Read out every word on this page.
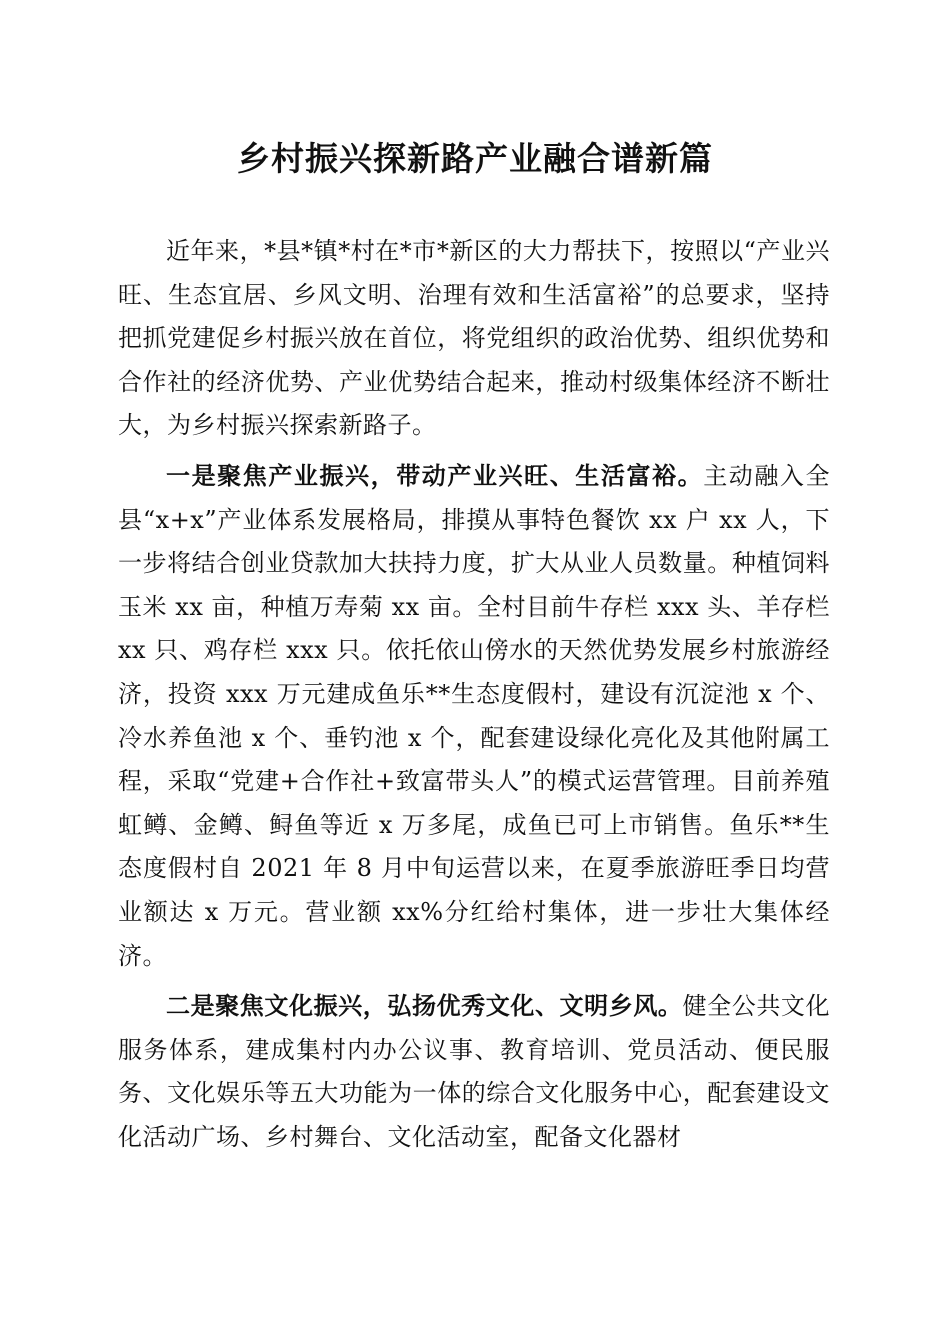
乡村振兴探新路产业融合谱新篇

近年来，*县*镇*村在*市*新区的大力帮扶下，按照以“产业兴旺、生态宜居、乡风文明、治理有效和生活富裕”的总要求，坚持把抓党建促乡村振兴放在首位，将党组织的政治优势、组织优势和合作社的经济优势、产业优势结合起来，推动村级集体经济不断壮大，为乡村振兴探索新路子。

一是聚焦产业振兴，带动产业兴旺、生活富裕。主动融入全县“x+x”产业体系发展格局，排摸从事特色餐饮 xx 户 xx 人，下一步将结合创业贷款加大扶持力度，扩大从业人员数量。种植饲料玉米 xx 亩，种植万寿菊 xx 亩。全村目前牛存栏 xxx 头、羊存栏 xx 只、鸡存栏 xxx 只。依托依山傍水的天然优势发展乡村旅游经济，投资 xxx 万元建成鱼乐**生态度假村，建设有沉淀池 x 个、冷水养鱼池 x 个、垂钓池 x 个，配套建设绿化亮化及其他附属工程，采取“党建+合作社+致富带头人”的模式运营管理。目前养殖虹鳟、金鳟、鲟鱼等近 x 万多尾，成鱼已可上市销售。鱼乐**生态度假村自 2021 年 8 月中旬运营以来，在夏季旅游旺季日均营业额达 x 万元。营业额 xx%分红给村集体，进一步壮大集体经济。

二是聚焦文化振兴，弘扬优秀文化、文明乡风。健全公共文化服务体系，建成集村内办公议事、教育培训、党员活动、便民服务、文化娱乐等五大功能为一体的综合文化服务中心，配套建设文化活动广场、乡村舞台、文化活动室，配备文化器材
